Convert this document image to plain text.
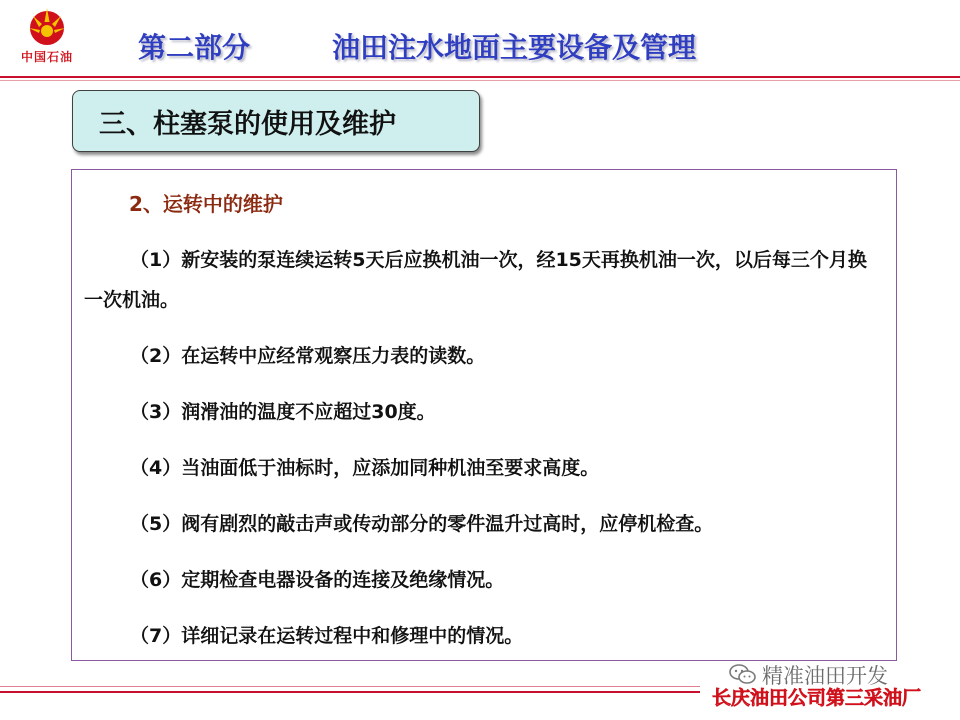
中国石油	第二部分	油田注水地面主要设备及管理
三、柱塞泵的使用及维护
2、运转中的维护
（1）新安装的泵连续运转5天后应换机油一次，经15天再换机油一次，以后每三个月换一次机油。
（2）在运转中应经常观察压力表的读数。
（3）润滑油的温度不应超过30度。
（4）当油面低于油标时，应添加同种机油至要求高度。
（5）阀有剧烈的敲击声或传动部分的零件温升过高时，应停机检查。
（6）定期检查电器设备的连接及绝缘情况。
（7）详细记录在运转过程中和修理中的情况。
精准油田开发
长庆油田公司第三采油厂
